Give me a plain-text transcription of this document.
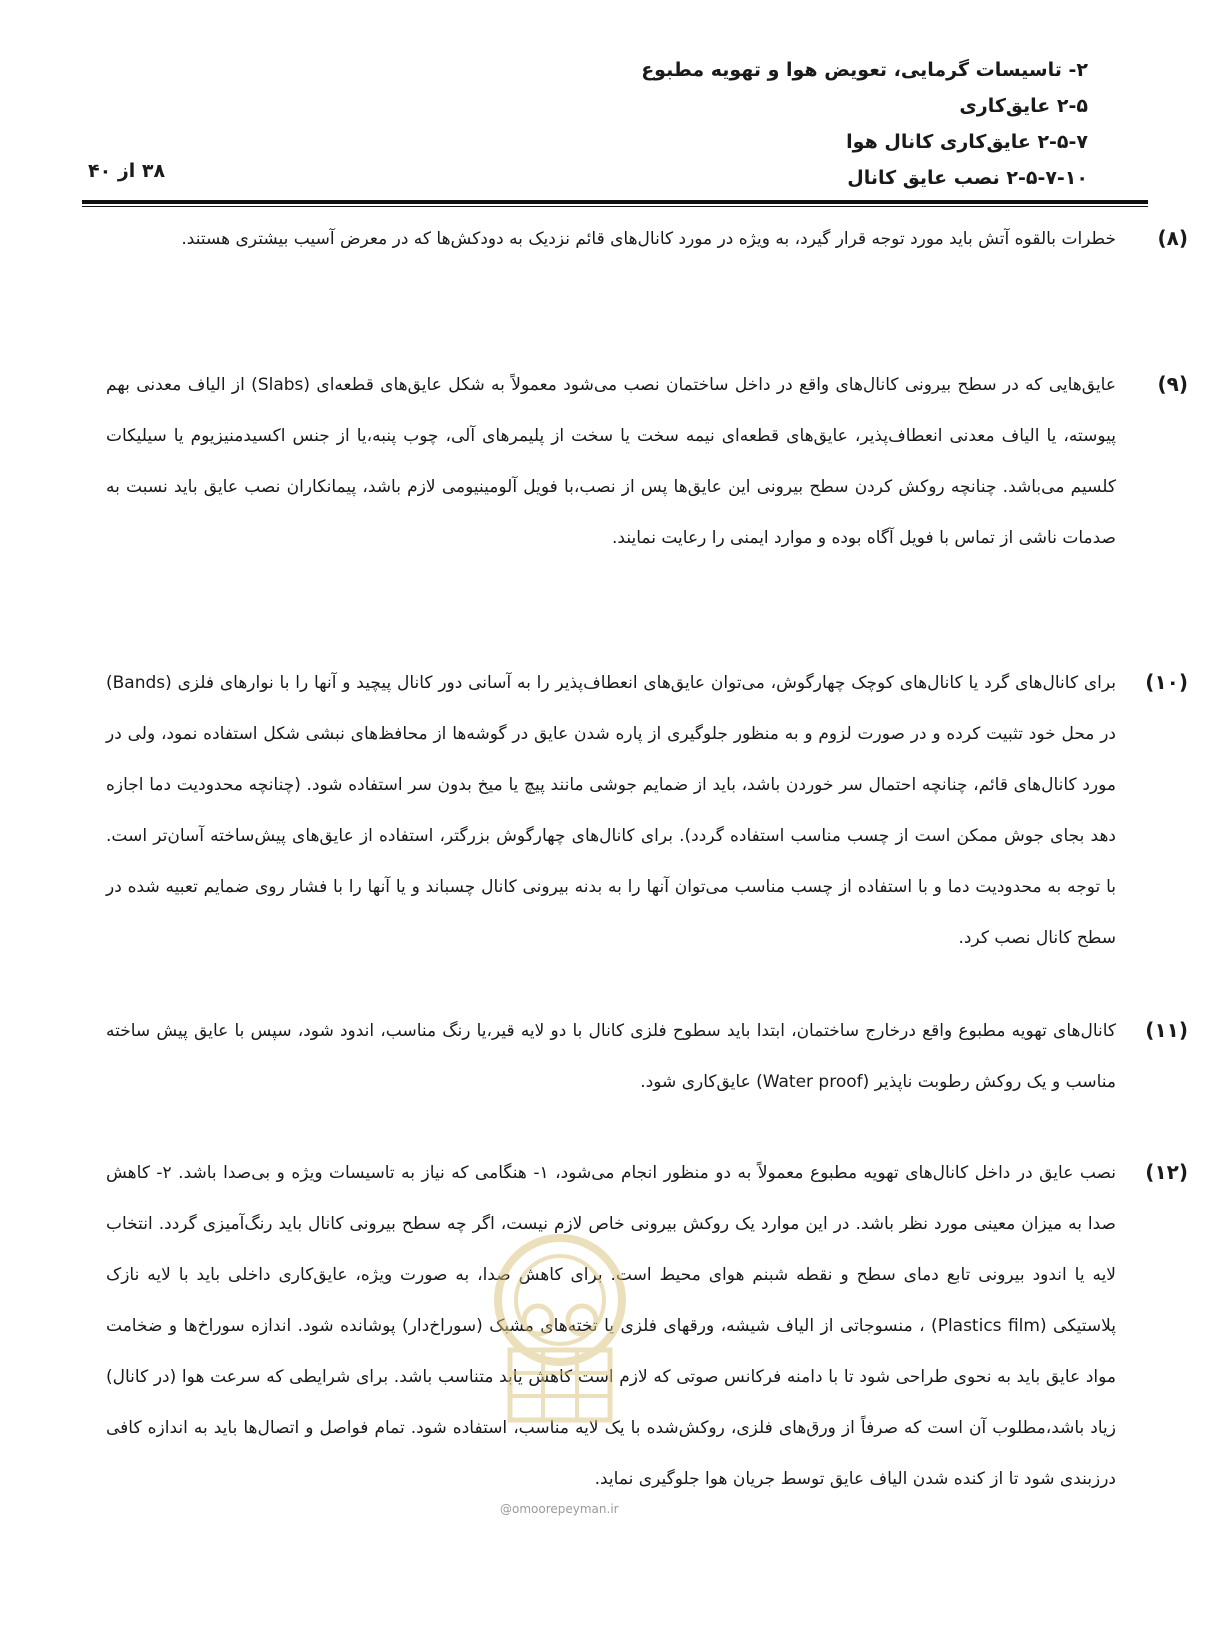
۲- تاسیسات گرمایی، تعویض هوا و تهویه مطبوع
۲-۵ عایق‌کاری
۲-۵-۷ عایق‌کاری کانال هوا
۲-۵-۷-۱۰ نصب عایق کانال
۳۸ از ۴۰
(۸)
خطرات بالقوه آتش باید مورد توجه قرار گیرد، به ویژه در مورد کانال‌های قائم نزدیک به دودکش‌ها که در معرض آسیب بیشتری هستند.
(۹)
عایق‌هایی که در سطح بیرونی کانال‌های واقع در داخل ساختمان نصب می‌شود معمولاً به شکل عایق‌های قطعه‌ای (Slabs) از الیاف معدنی بهم پیوسته، یا الیاف معدنی انعطاف‌پذیر، عایق‌های قطعه‌ای نیمه سخت یا سخت از پلیمرهای آلی، چوب پنبه،یا از جنس اکسیدمنیزیوم یا سیلیکات کلسیم می‌باشد. چنانچه روکش کردن سطح بیرونی این عایق‌ها پس از نصب،با فویل آلومینیومی لازم باشد، پیمانکاران نصب عایق باید نسبت به صدمات ناشی از تماس با فویل آگاه بوده و موارد ایمنی را رعایت نمایند.
(۱۰)
برای کانال‌های گرد یا کانال‌های کوچک چهارگوش، می‌توان عایق‌های انعطاف‌پذیر را به آسانی دور کانال پیچید و آنها را با نوارهای فلزی (Bands) در محل خود تثبیت کرده و در صورت لزوم و به منظور جلوگیری از پاره شدن عایق در گوشه‌ها از محافظ‌های نبشی شکل استفاده نمود، ولی در مورد کانال‌های قائم، چنانچه احتمال سر خوردن باشد، باید از ضمایم جوشی مانند پیچ یا میخ بدون سر استفاده شود. (چنانچه محدودیت دما اجازه دهد بجای جوش ممکن است از چسب مناسب استفاده گردد). برای کانال‌های چهارگوش بزرگتر، استفاده از عایق‌های پیش‌ساخته آسان‌تر است. با توجه به محدودیت دما و با استفاده از چسب مناسب می‌توان آنها را به بدنه بیرونی کانال چسباند و یا آنها را با فشار روی ضمایم تعبیه شده در سطح کانال نصب کرد.
(۱۱)
کانال‌های تهویه مطبوع واقع درخارج ساختمان، ابتدا باید سطوح فلزی کانال با دو لایه قیر،یا رنگ مناسب، اندود شود، سپس با عایق پیش ساخته مناسب و یک روکش رطوبت ناپذیر (Water proof) عایق‌کاری شود.
(۱۲)
نصب عایق در داخل کانال‌های تهویه مطبوع معمولاً به دو منظور انجام می‌شود، ۱- هنگامی که نیاز به تاسیسات ویژه و بی‌صدا باشد. ۲- کاهش صدا به میزان معینی مورد نظر باشد. در این موارد یک روکش بیرونی خاص لازم نیست، اگر چه سطح بیرونی کانال باید رنگ‌آمیزی گردد. انتخاب لایه یا اندود بیرونی تابع دمای سطح و نقطه شبنم هوای محیط است. برای کاهش صدا، به صورت ویژه، عایق‌کاری داخلی باید با لایه نازک پلاستیکی (Plastics film) ، منسوجاتی از الیاف شیشه، ورقهای فلزی یا تخته‌های مشبک (سوراخ‌دار) پوشانده شود. اندازه سوراخ‌ها و ضخامت مواد عایق باید به نحوی طراحی شود تا با دامنه فرکانس صوتی که لازم است کاهش یابد متناسب باشد. برای شرایطی که سرعت هوا (در کانال) زیاد باشد،مطلوب آن است که صرفاً از ورق‌های فلزی، روکش‌شده با یک لایه مناسب، استفاده شود. تمام فواصل و اتصال‌ها باید به اندازه کافی درزبندی شود تا از کنده شدن الیاف عایق توسط جریان هوا جلوگیری نماید.
@omoorepeyman.ir
